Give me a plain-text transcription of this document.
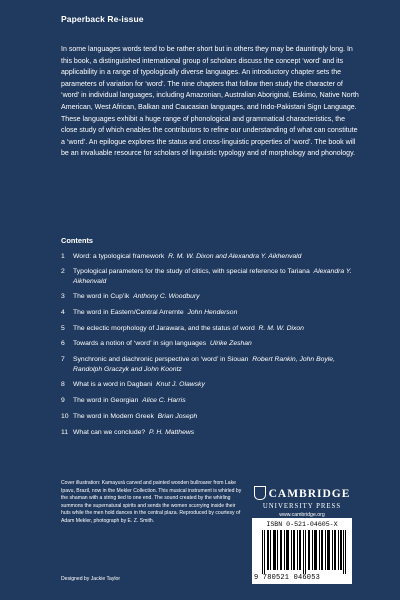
Paperback Re-issue

In some languages words tend to be rather short but in others they may be dauntingly long. In this book, a distinguished international group of scholars discuss the concept ‘word’ and its applicability in a range of typologically diverse languages. An introductory chapter sets the parameters of variation for ‘word’. The nine chapters that follow then study the character of ‘word’ in individual languages, including Amazonian, Australian Aboriginal, Eskimo, Native North American, West African, Balkan and Caucasian languages, and Indo-Pakistani Sign Language. These languages exhibit a huge range of phonological and grammatical characteristics, the close study of which enables the contributors to refine our understanding of what can constitute a ‘word’. An epilogue explores the status and cross-linguistic properties of ‘word’. The book will be an invaluable resource for scholars of linguistic typology and of morphology and phonology.

Contents
1	Word: a typological framework R. M. W. Dixon and Alexandra Y. Aikhenvald
2	Typological parameters for the study of clitics, with special reference to Tariana Alexandra Y. Aikhenvald
3	The word in Cup’ik Anthony C. Woodbury
4	The word in Eastern/Central Arrernte John Henderson
5	The eclectic morphology of Jarawara, and the status of word R. M. W. Dixon
6	Towards a notion of ‘word’ in sign languages Ulrike Zeshan
7	Synchronic and diachronic perspective on ‘word’ in Siouan Robert Rankin, John Boyle, Randolph Graczyk and John Koontz
8	What is a word in Dagbani Knut J. Olawsky
9	The word in Georgian Alice C. Harris
10 The word in Modern Greek Brian Joseph
11 What can we conclude? P. H. Matthews

Cover illustration: Kamayurá carved and painted wooden bullroarer from Lake Ipavu, Brazil, now in the Mekler Collection. This musical instrument is whirled by the shaman with a string tied to one end. The sound created by the whirling summons the supernatural spirits and sends the women scurrying inside their huts while the men hold dances in the central plaza. Reproduced by courtesy of Adam Mekler, photograph by E. Z. Smith.

Designed by Jackie Taylor
CAMBRIDGE
UNIVERSITY PRESS
www.cambridge.org
ISBN 0-521-04605-X
9 780521 046053
